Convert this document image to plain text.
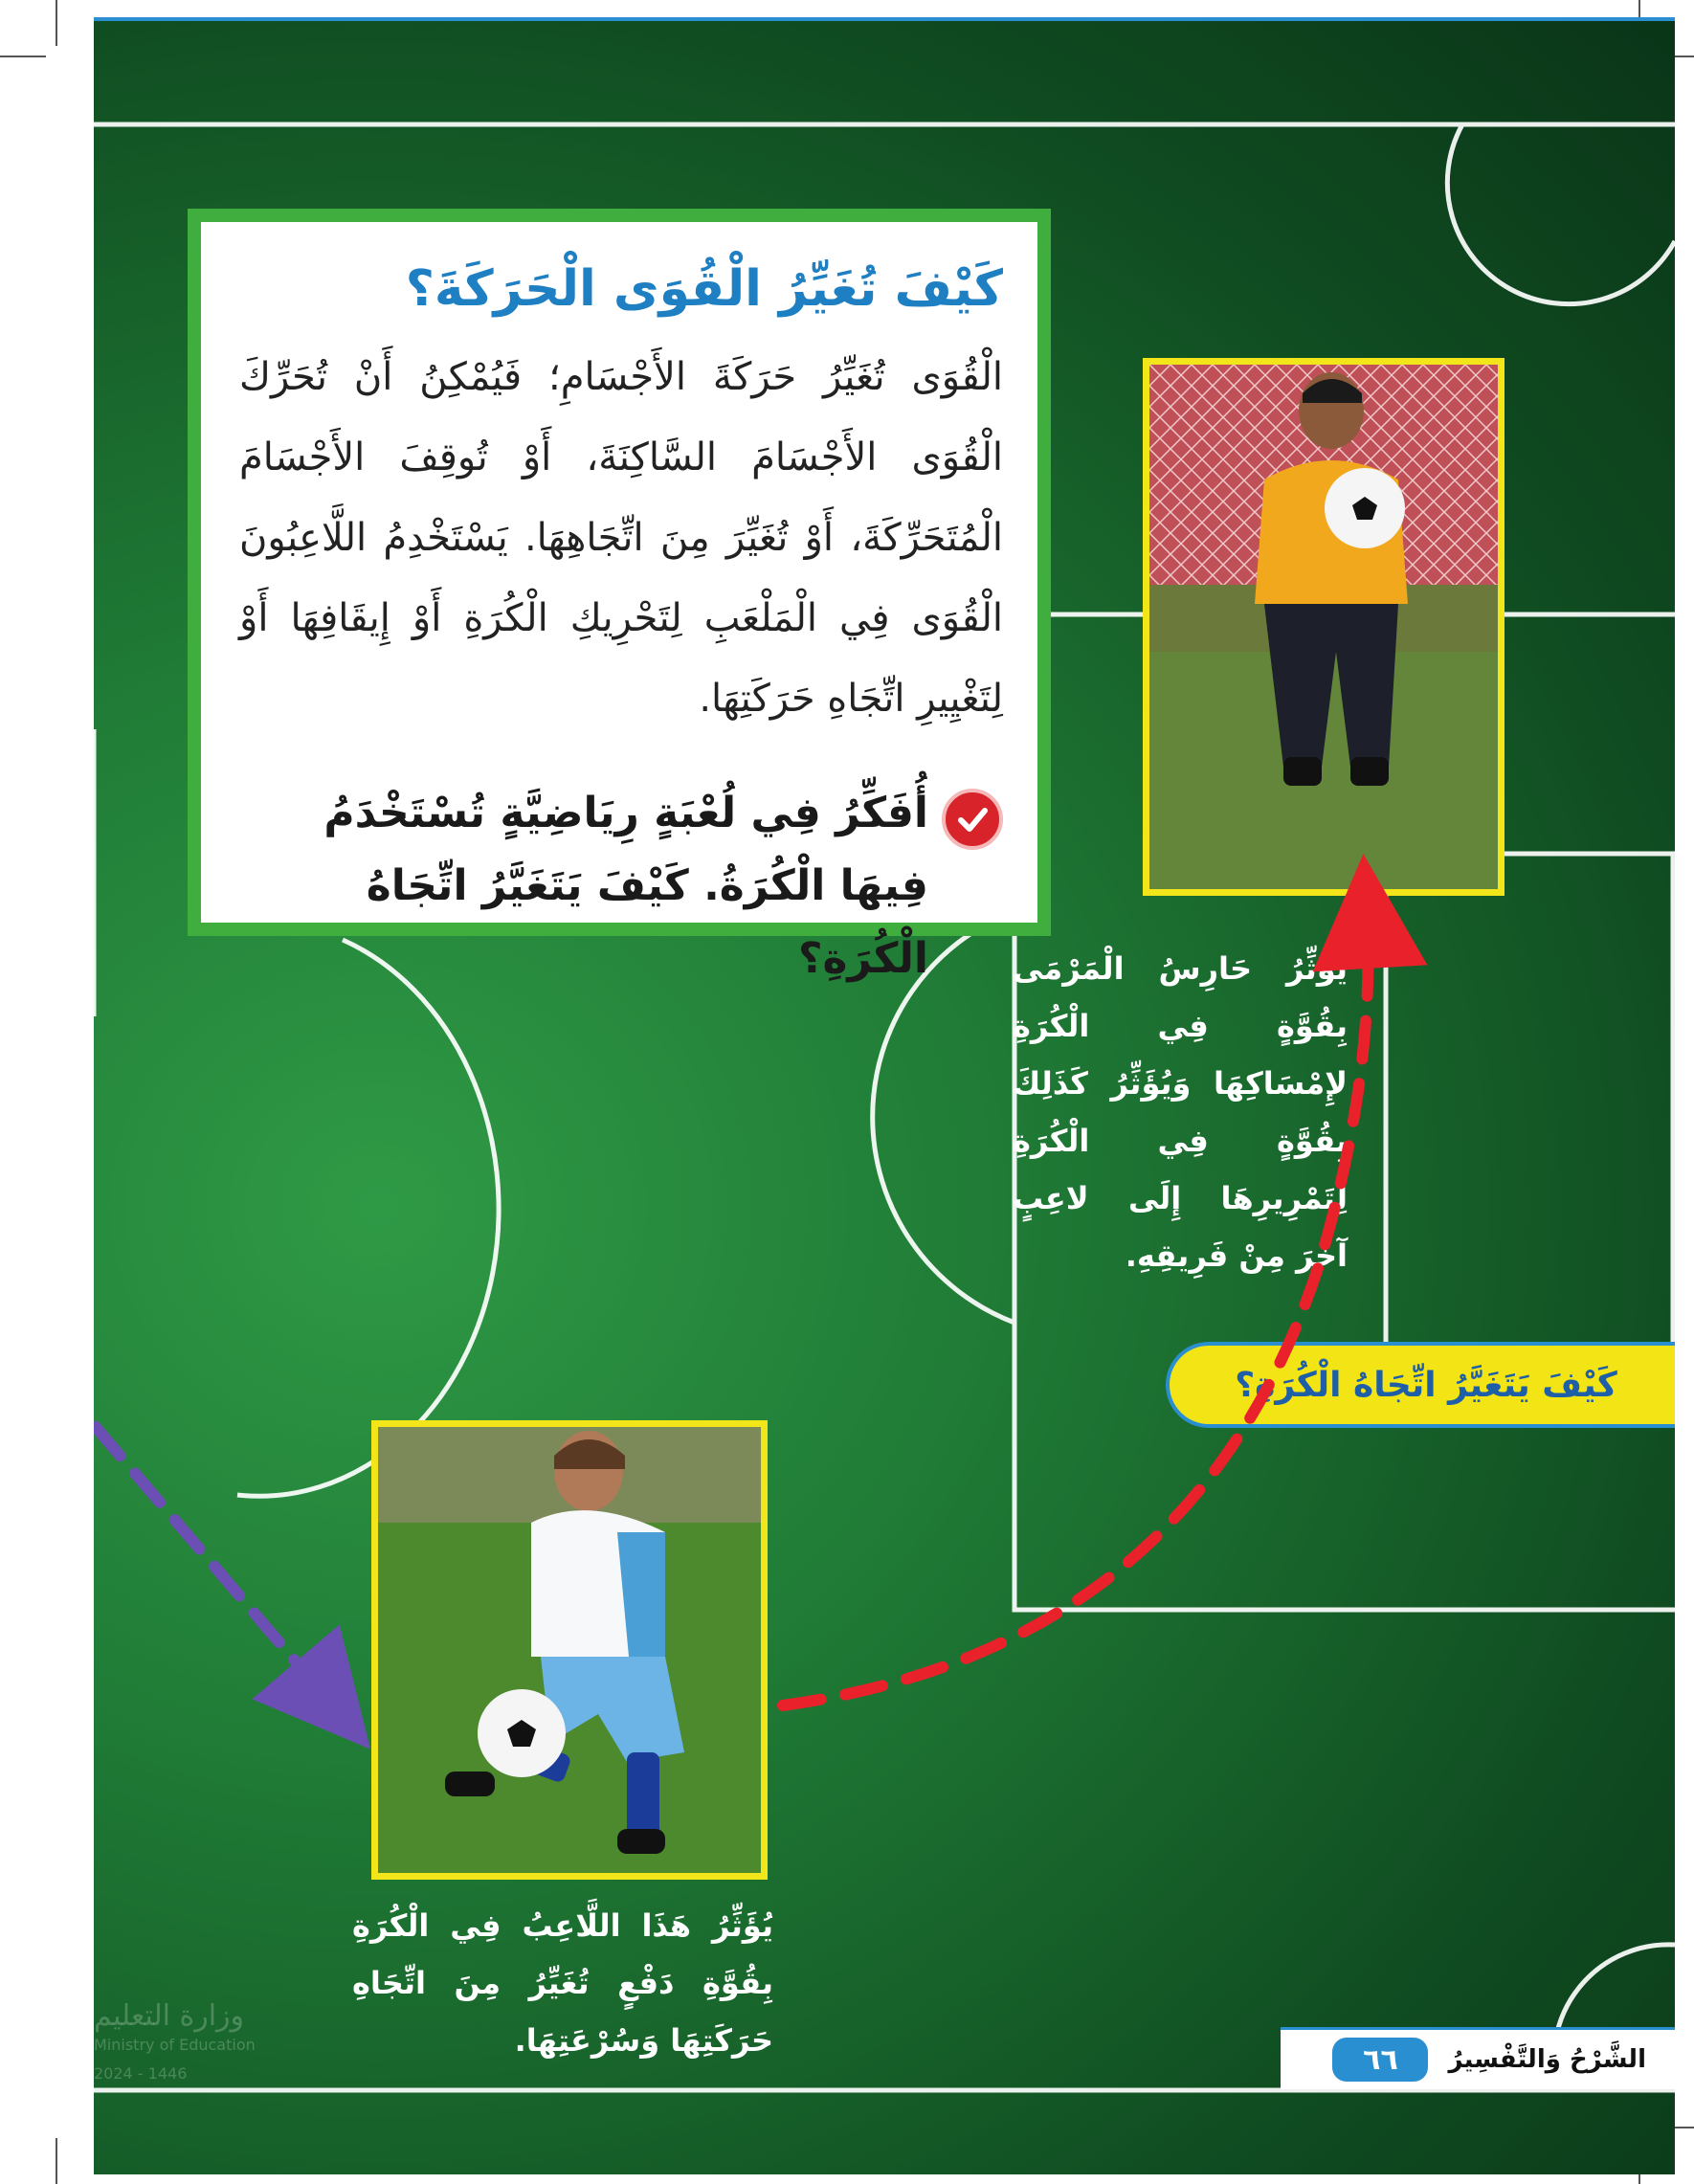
كَيْفَ تُغَيِّرُ الْقُوَى الْحَرَكَةَ؟

الْقُوَى تُغَيِّرُ حَرَكَةَ الأَجْسَامِ؛ فَيُمْكِنُ أَنْ تُحَرِّكَ الْقُوَى الأَجْسَامَ السَّاكِنَةَ، أَوْ تُوقِفَ الأَجْسَامَ الْمُتَحَرِّكَةَ، أَوْ تُغَيِّرَ مِنَ اتِّجَاهِهَا. يَسْتَخْدِمُ اللَّاعِبُونَ الْقُوَى فِي الْمَلْعَبِ لِتَحْرِيكِ الْكُرَةِ أَوْ إِيقَافِهَا أَوْ لِتَغْيِيرِ اتِّجَاهِ حَرَكَتِهَا.

أُفَكِّرُ فِي لُعْبَةٍ رِيَاضِيَّةٍ تُسْتَخْدَمُ فِيهَا الْكُرَةُ. كَيْفَ يَتَغَيَّرُ اتِّجَاهُ الْكُرَةِ؟	يُؤَثِّرُ حَارِسُ الْمَرْمَى بِقُوَّةٍ فِي الْكُرَةِ لإِمْسَاكِهَا وَيُؤَثِّرُ كَذَلِكَ بِقُوَّةٍ فِي الْكُرَةِ لِتَمْرِيرِهَا إِلَى لاعِبٍ آخَرَ مِنْ فَرِيقِهِ.
يُؤَثِّرُ هَذَا اللَّاعِبُ فِي الْكُرَةِ بِقُوَّةِ دَفْعٍ تُغَيِّرُ مِنَ اتِّجَاهِ حَرَكَتِهَا وَسُرْعَتِهَا.
كَيْفَ يَتَغَيَّرُ اتِّجَاهُ الْكُرَةِ؟
الشَّرْحُ وَالتَّفْسِيرُ
٦٦
وزارة التعليم
Ministry of Education
2024 - 1446
